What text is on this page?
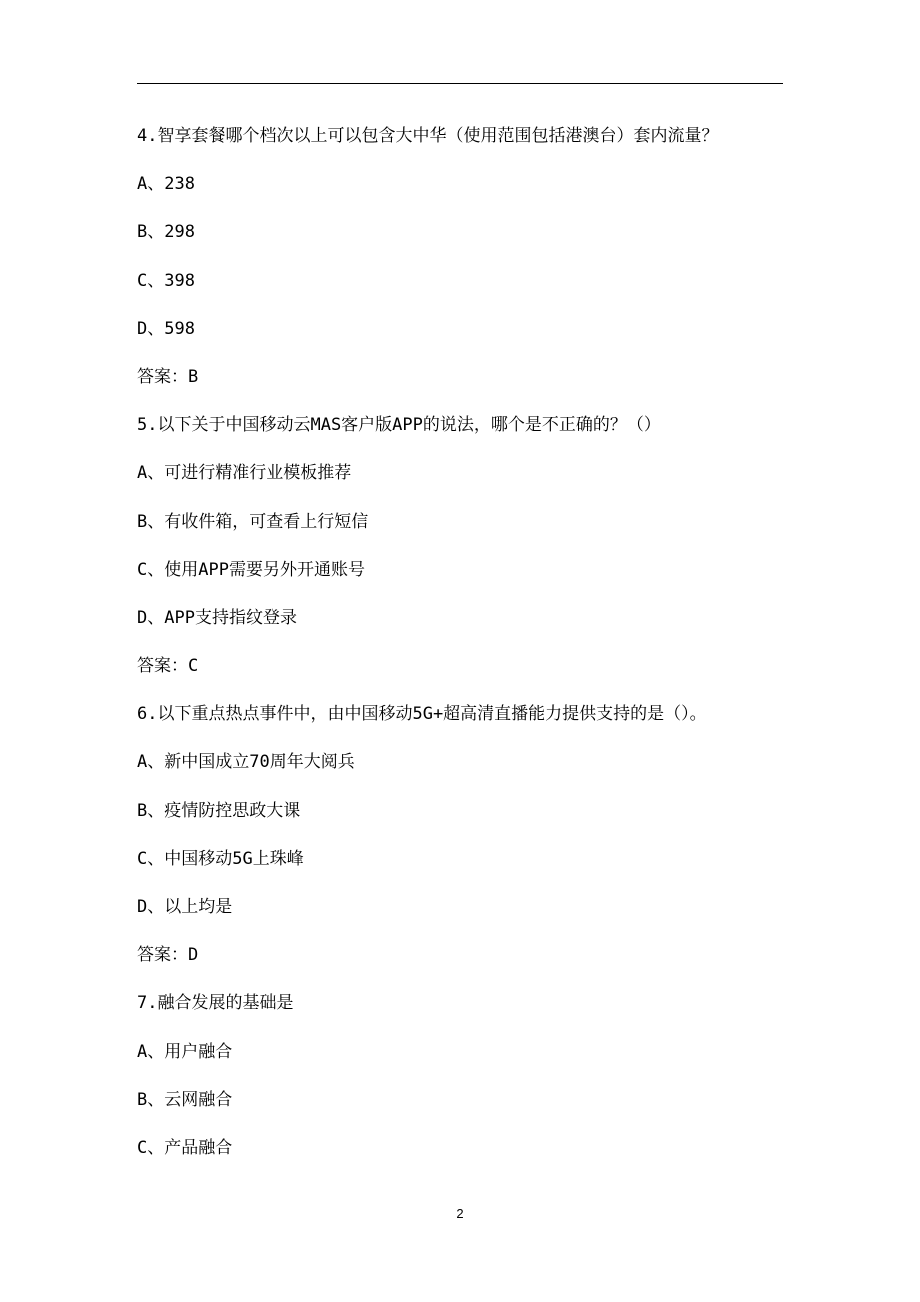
4.智享套餐哪个档次以上可以包含大中华（使用范围包括港澳台）套内流量？
A、238
B、298
C、398
D、598
答案：B
5.以下关于中国移动云MAS客户版APP的说法，哪个是不正确的？（）
A、可进行精准行业模板推荐
B、有收件箱，可查看上行短信
C、使用APP需要另外开通账号
D、APP支持指纹登录
答案：C
6.以下重点热点事件中，由中国移动5G+超高清直播能力提供支持的是（）。
A、新中国成立70周年大阅兵
B、疫情防控思政大课
C、中国移动5G上珠峰
D、以上均是
答案：D
7.融合发展的基础是
A、用户融合
B、云网融合
C、产品融合
2
